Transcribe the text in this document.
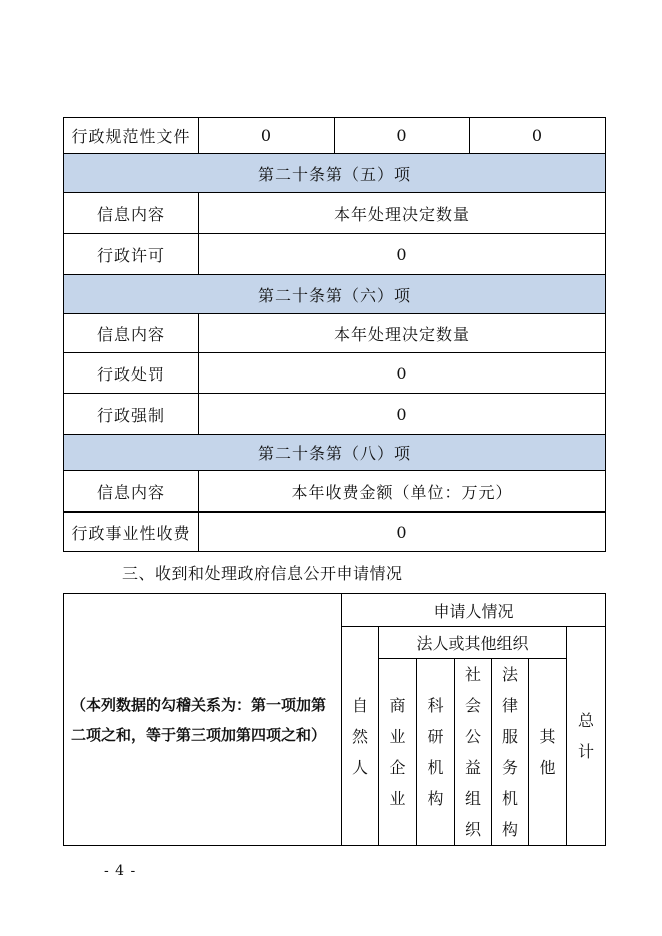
行政规范性文件	0	0	0
第二十条第（五）项			
信息内容	本年处理决定数量		
行政许可	0		
第二十条第（六）项			
信息内容	本年处理决定数量		
行政处罚	0		
行政强制	0		
第二十条第（八）项			
信息内容	本年收费金额（单位：万元）		
行政事业性收费	0		
三、收到和处理政府信息公开申请情况
（本列数据的勾稽关系为：第一项加第二项之和，等于第三项加第四项之和）	申请人情况						
	自然人	法人或其他组织					总计
		商业企业	科研机构	社会公益组织	法律服务机构	其他	

- 4 -
